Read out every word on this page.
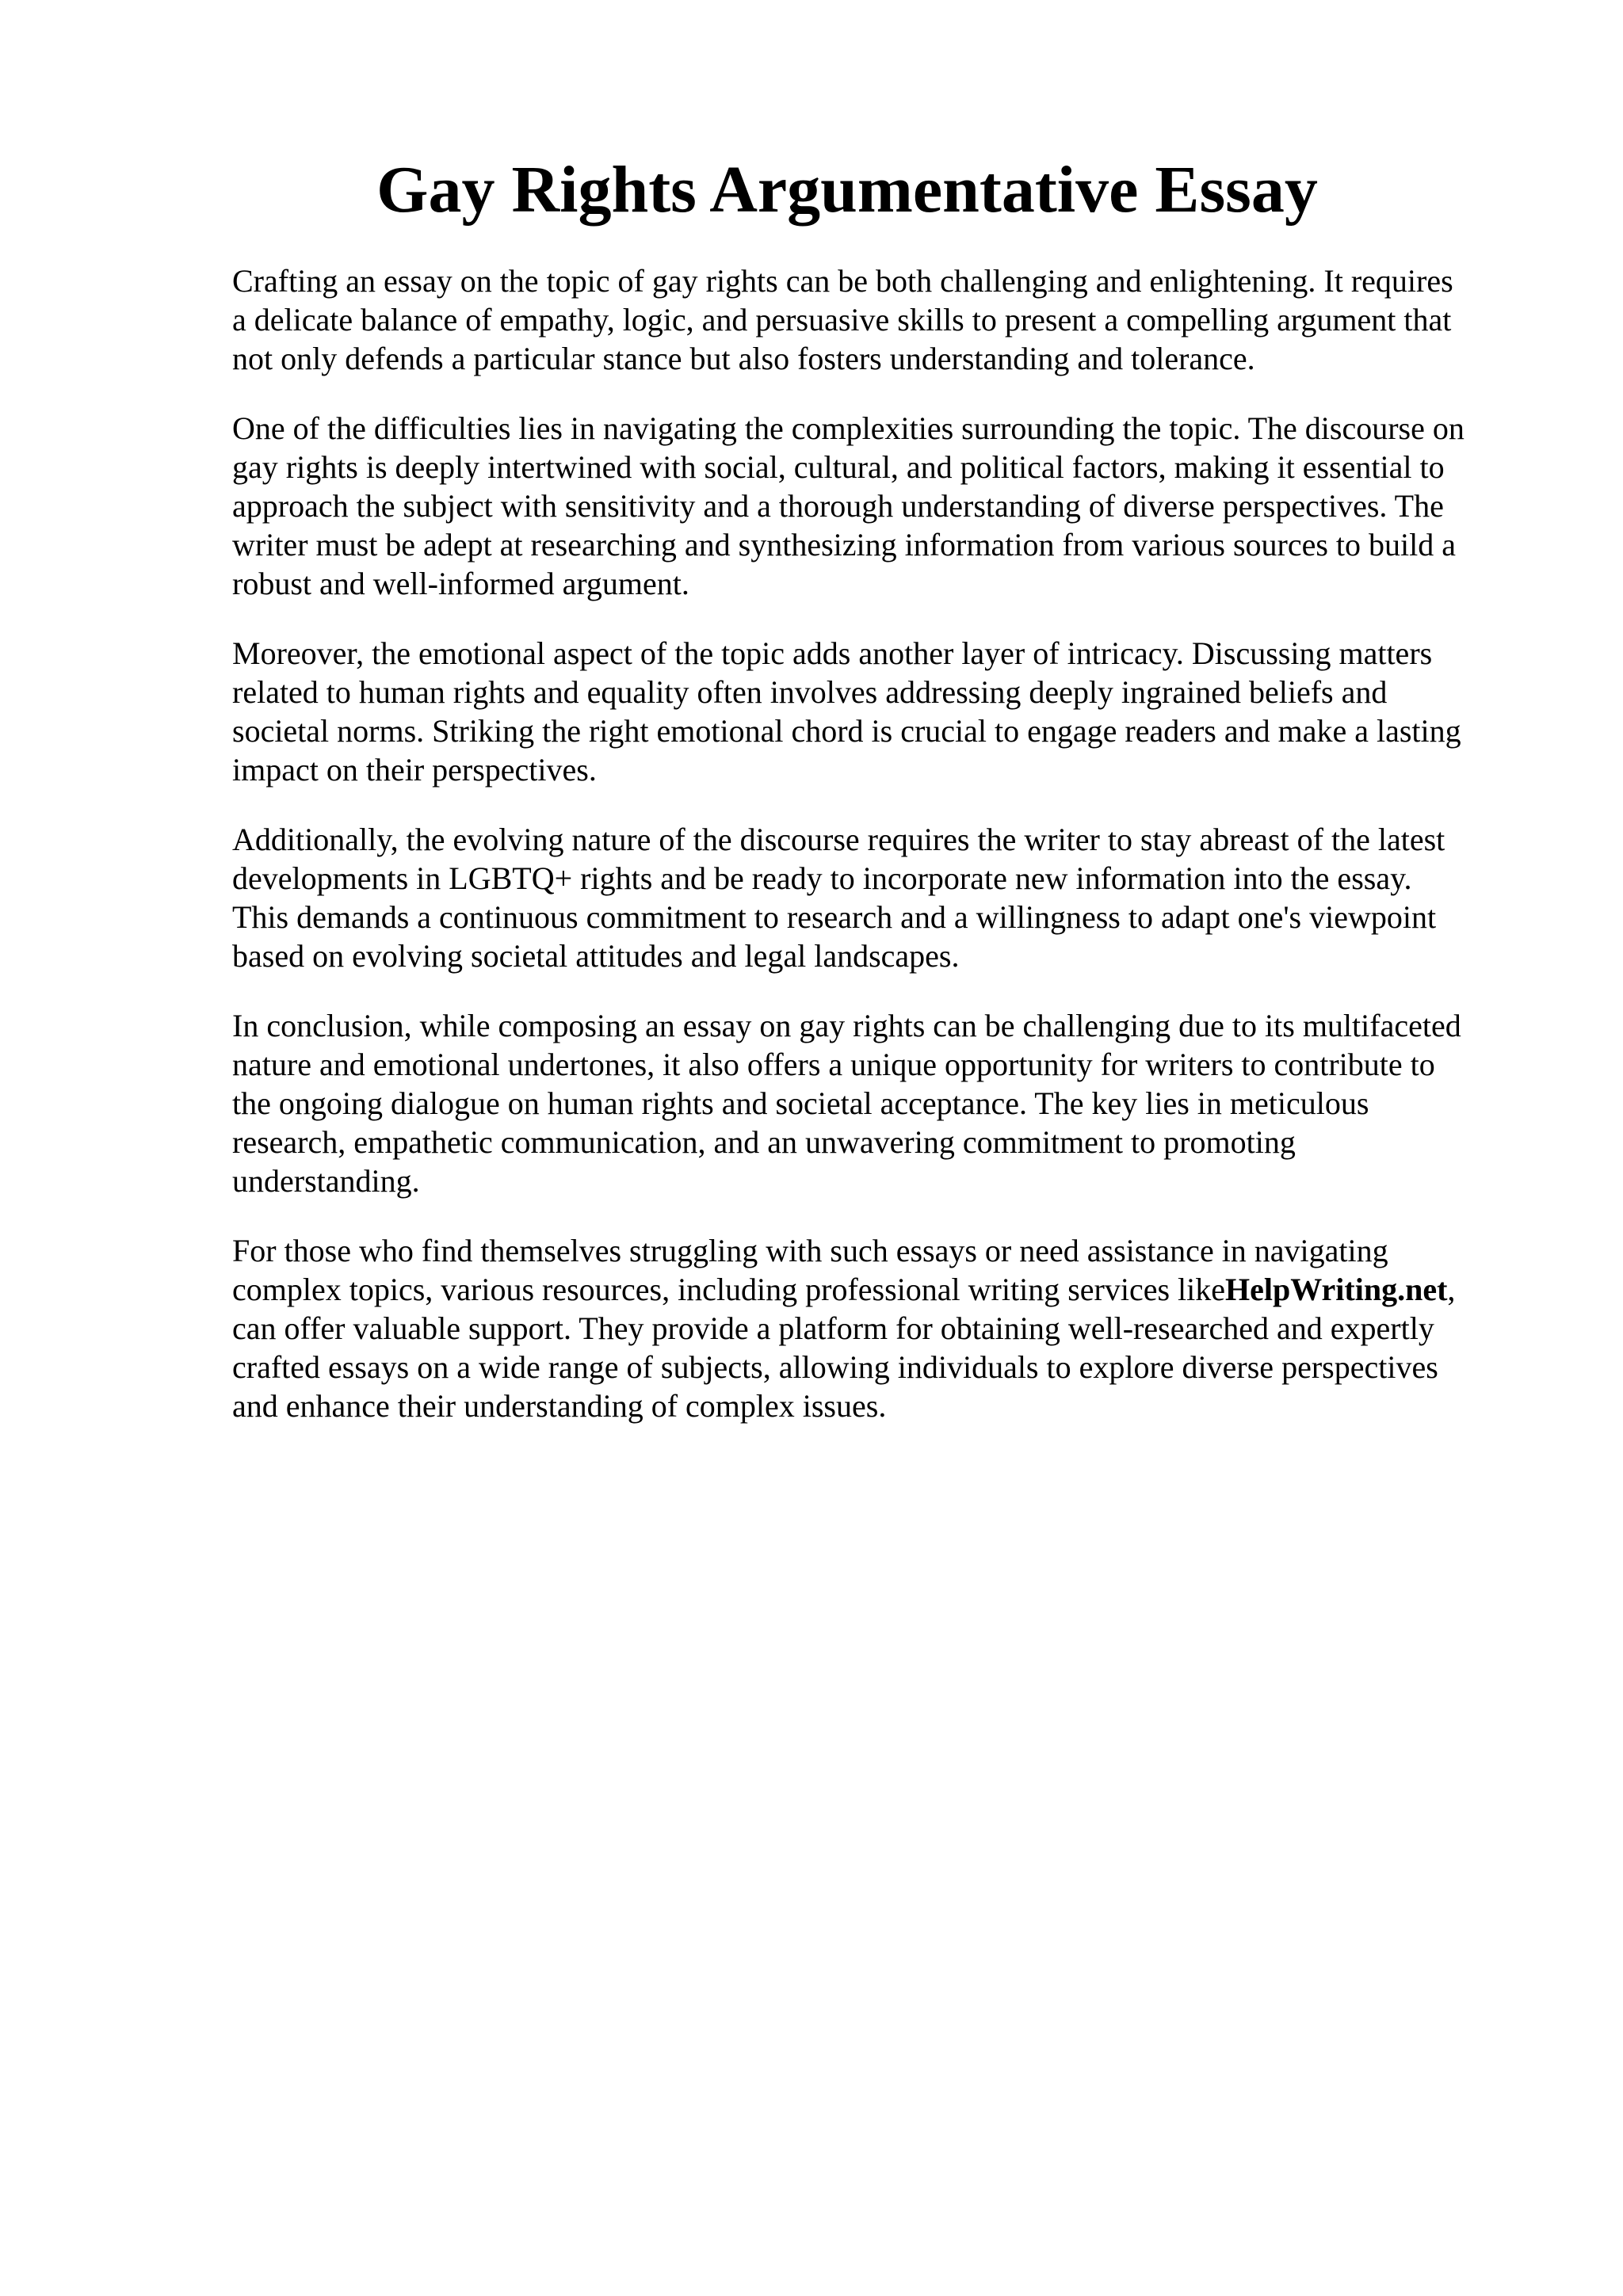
Gay Rights Argumentative Essay

Crafting an essay on the topic of gay rights can be both challenging and enlightening. It requires
a delicate balance of empathy, logic, and persuasive skills to present a compelling argument that
not only defends a particular stance but also fosters understanding and tolerance.

One of the difficulties lies in navigating the complexities surrounding the topic. The discourse on
gay rights is deeply intertwined with social, cultural, and political factors, making it essential to
approach the subject with sensitivity and a thorough understanding of diverse perspectives. The
writer must be adept at researching and synthesizing information from various sources to build a
robust and well-informed argument.

Moreover, the emotional aspect of the topic adds another layer of intricacy. Discussing matters
related to human rights and equality often involves addressing deeply ingrained beliefs and
societal norms. Striking the right emotional chord is crucial to engage readers and make a lasting
impact on their perspectives.

Additionally, the evolving nature of the discourse requires the writer to stay abreast of the latest
developments in LGBTQ+ rights and be ready to incorporate new information into the essay.
This demands a continuous commitment to research and a willingness to adapt one's viewpoint
based on evolving societal attitudes and legal landscapes.

In conclusion, while composing an essay on gay rights can be challenging due to its multifaceted
nature and emotional undertones, it also offers a unique opportunity for writers to contribute to
the ongoing dialogue on human rights and societal acceptance. The key lies in meticulous
research, empathetic communication, and an unwavering commitment to promoting
understanding.

For those who find themselves struggling with such essays or need assistance in navigating
complex topics, various resources, including professional writing services likeHelpWriting.net,
can offer valuable support. They provide a platform for obtaining well-researched and expertly
crafted essays on a wide range of subjects, allowing individuals to explore diverse perspectives
and enhance their understanding of complex issues.
